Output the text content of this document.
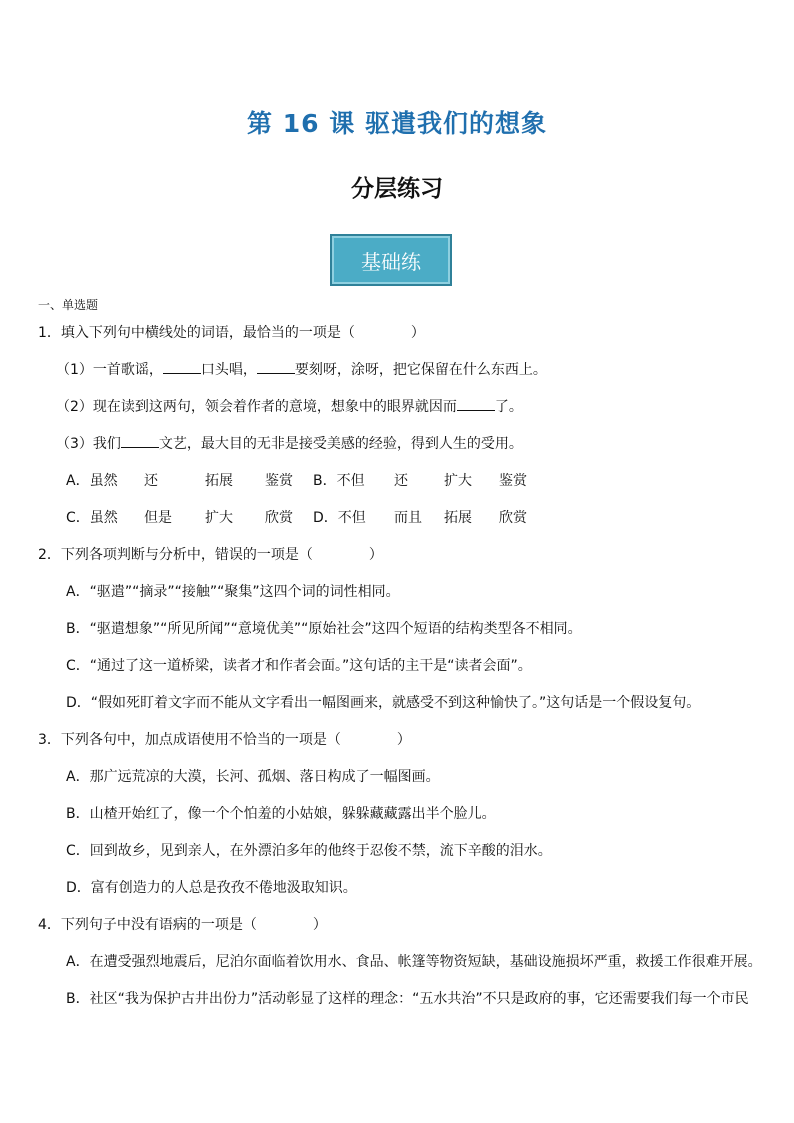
第 16 课 驱遣我们的想象
分层练习
基础练
一、单选题
1．填入下列句中横线处的词语，最恰当的一项是（　　　　）
（1）一首歌谣，	口头唱，	要刻呀，涂呀，把它保留在什么东西上。
（2）现在读到这两句，领会着作者的意境，想象中的眼界就因而	了。
（3）我们	文艺，最大目的无非是接受美感的经验，得到人生的受用。
A．虽然 还	拓展 鉴赏 B．不但 还	扩大 鉴赏
C．虽然 但是 扩大 欣赏 D．不但 而且 拓展 欣赏
2．下列各项判断与分析中，错误的一项是（　　　　）
A．“驱遣”“摘录”“接触”“聚集”这四个词的词性相同。
B．“驱遣想象”“所见所闻”“意境优美”“原始社会”这四个短语的结构类型各不相同。
C．“通过了这一道桥梁，读者才和作者会面。”这句话的主干是“读者会面”。
D．“假如死盯着文字而不能从文字看出一幅图画来，就感受不到这种愉快了。”这句话是一个假设复句。
3．下列各句中，加点成语使用不恰当的一项是（　　　　）
A．那广远荒凉的大漠，长河、孤烟、落日构成了一幅图画。
B．山楂开始红了，像一个个怕羞的小姑娘，躲躲藏藏露出半个脸儿。
C．回到故乡，见到亲人，在外漂泊多年的他终于忍俊不禁，流下辛酸的泪水。
D．富有创造力的人总是孜孜不倦地汲取知识。
4．下列句子中没有语病的一项是（　　　　）
A．在遭受强烈地震后，尼泊尔面临着饮用水、食品、帐篷等物资短缺，基础设施损坏严重，救援工作很难开展。
B．社区“我为保护古井出份力”活动彰显了这样的理念：“五水共治”不只是政府的事，它还需要我们每一个市民
